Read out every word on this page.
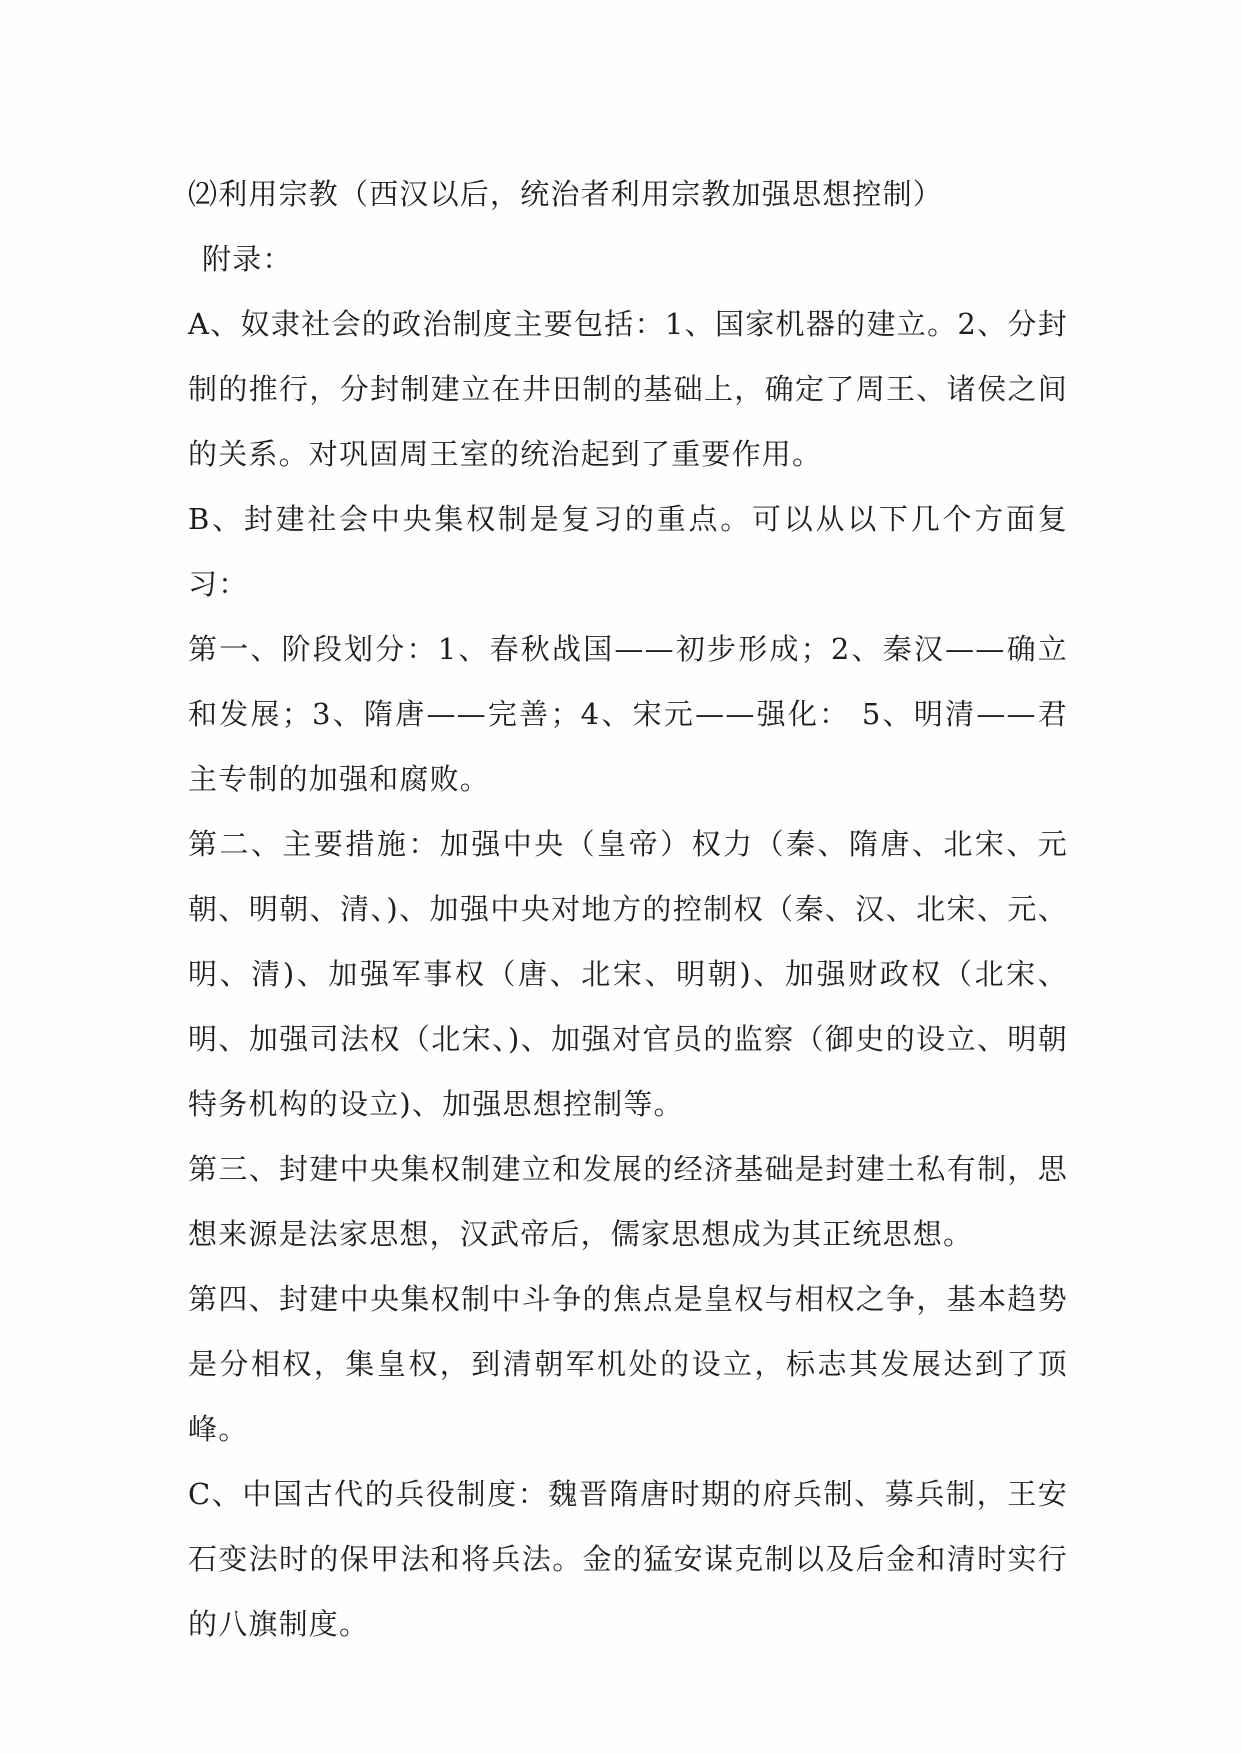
⑵利用宗教（西汉以后，统治者利用宗教加强思想控制）

附录：

A、奴隶社会的政治制度主要包括：1、国家机器的建立。2、分封制的推行，分封制建立在井田制的基础上，确定了周王、诸侯之间的关系。对巩固周王室的统治起到了重要作用。

B、封建社会中央集权制是复习的重点。可以从以下几个方面复习：

第一、阶段划分：1、春秋战国——初步形成；2、秦汉——确立和发展；3、隋唐——完善；4、宋元——强化： 5、明清——君主专制的加强和腐败。

第二、主要措施：加强中央（皇帝）权力（秦、隋唐、北宋、元朝、明朝、清、)、加强中央对地方的控制权（秦、汉、北宋、元、明、清)、加强军事权（唐、北宋、明朝)、加强财政权（北宋、明、加强司法权（北宋、)、加强对官员的监察（御史的设立、明朝特务机构的设立)、加强思想控制等。

第三、封建中央集权制建立和发展的经济基础是封建土私有制，思想来源是法家思想，汉武帝后，儒家思想成为其正统思想。

第四、封建中央集权制中斗争的焦点是皇权与相权之争，基本趋势是分相权，集皇权，到清朝军机处的设立，标志其发展达到了顶峰。

C、中国古代的兵役制度：魏晋隋唐时期的府兵制、募兵制，王安石变法时的保甲法和将兵法。金的猛安谋克制以及后金和清时实行的八旗制度。
